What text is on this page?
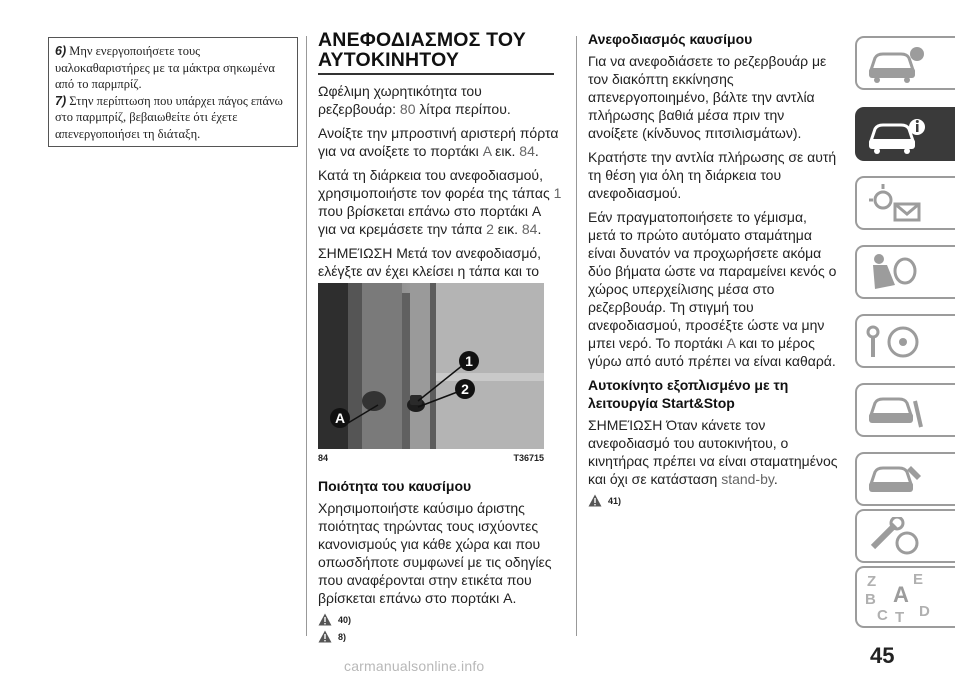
6) Μην ενεργοποιήσετε τους υαλοκαθαριστήρες με τα μάκτρα σηκωμένα από το παρμπρίζ.

7) Στην περίπτωση που υπάρχει πάγος επάνω στο παρμπρίζ, βεβαιωθείτε ότι έχετε απενεργοποιήσει τη διάταξη.

ΑΝΕΦΟΔΙΑΣΜΟΣ ΤΟΥ ΑΥΤΟΚΙΝΗΤΟΥ

Ωφέλιμη χωρητικότητα του ρεζερβουάρ: 80 λίτρα περίπου.

Ανοίξτε την μπροστινή αριστερή πόρτα για να ανοίξετε το πορτάκι A εικ. 84.

Κατά τη διάρκεια του ανεφοδιασμού, χρησιμοποιήστε τον φορέα της τάπας 1 που βρίσκεται επάνω στο πορτάκι A για να κρεμάσετε την τάπα 2 εικ. 84.

ΣΗΜΕΊΩΣΗ Μετά τον ανεφοδιασμό, ελέγξτε αν έχει κλείσει η τάπα και το

1
2
A
84	T36715

Ποιότητα του καυσίμου

Χρησιμοποιήστε καύσιμο άριστης ποιότητας τηρώντας τους ισχύοντες κανονισμούς για κάθε χώρα και που οπωσδήποτε συμφωνεί με τις οδηγίες που αναφέρονται στην ετικέτα που βρίσκεται επάνω στο πορτάκι A.

40)
8)

Ανεφοδιασμός καυσίμου

Για να ανεφοδιάσετε το ρεζερβουάρ με τον διακόπτη εκκίνησης απενεργοποιημένο, βάλτε την αντλία πλήρωσης βαθιά μέσα πριν την ανοίξετε (κίνδυνος πιτσιλισμάτων).

Κρατήστε την αντλία πλήρωσης σε αυτή τη θέση για όλη τη διάρκεια του ανεφοδιασμού.

Εάν πραγματοποιήσετε το γέμισμα, μετά το πρώτο αυτόματο σταμάτημα είναι δυνατόν να προχωρήσετε ακόμα δύο βήματα ώστε να παραμείνει κενός ο χώρος υπερχείλισης μέσα στο ρεζερβουάρ. Τη στιγμή του ανεφοδιασμού, προσέξτε ώστε να μην μπει νερό. Το πορτάκι A και το μέρος γύρω από αυτό πρέπει να είναι καθαρά.

Αυτοκίνητο εξοπλισμένο με τη λειτουργία Start&Stop

ΣΗΜΕΊΩΣΗ Όταν κάνετε τον ανεφοδιασμό του αυτοκινήτου, ο κινητήρας πρέπει να είναι σταματημένος και όχι σε κατάσταση stand-by.

41)
Z E
B A
C T D
45
carmanualsonline.info
